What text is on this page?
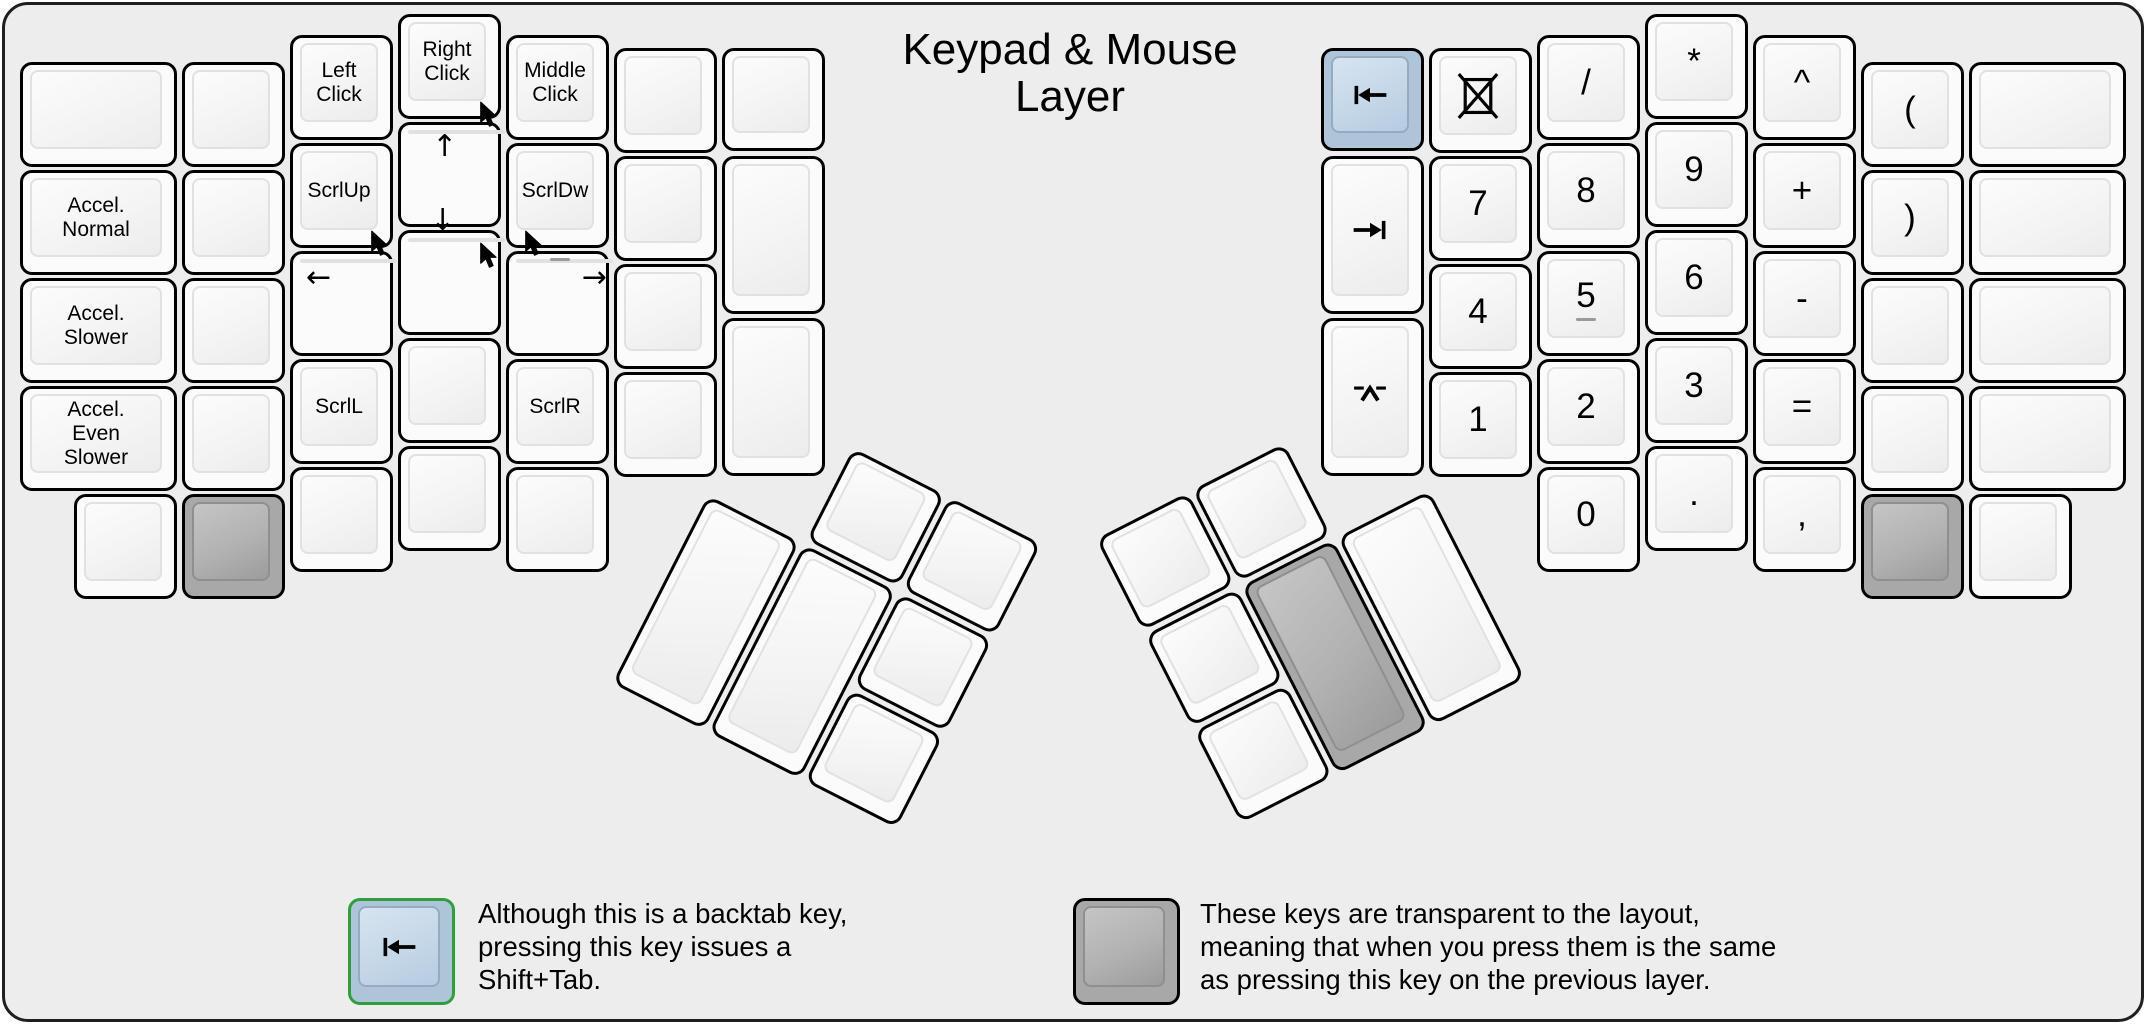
Keypad & Mouse
Layer

Although this is a backtab key,

pressing this key issues a

Shift+Tab.

These keys are transparent to the layout,

meaning that when you press them is the same

as pressing this key on the previous layer.

Accel.
Normal
Accel.
Slower
Accel.
Even
Slower
Left
Click
ScrlUp
←
ScrlL
Right
Click
↑
↓
Middle
Click
ScrlDw
→
ScrlR
7
4
1
/
8
5
2
0
*
9
6
3
.
^
+
-
=
,
(
)
